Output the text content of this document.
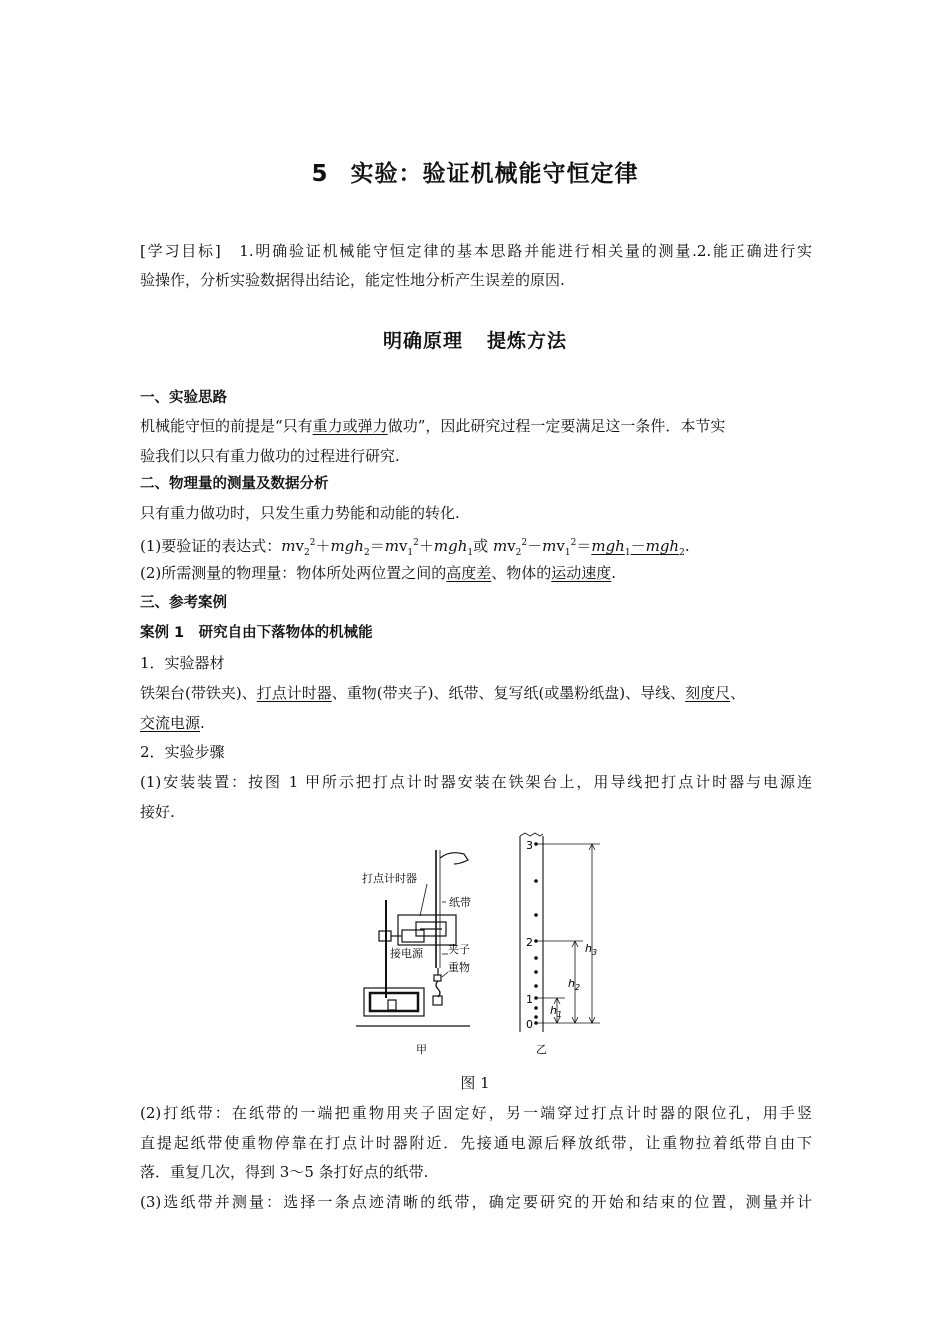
5 实验：验证机械能守恒定律
[学习目标]　1.明确验证机械能守恒定律的基本思路并能进行相关量的测量.2.能正确进行实
验操作，分析实验数据得出结论，能定性地分析产生误差的原因.
明确原理 提炼方法
一、实验思路
机械能守恒的前提是“只有重力或弹力做功”，因此研究过程一定要满足这一条件．本节实
验我们以只有重力做功的过程进行研究.
二、物理量的测量及数据分析
只有重力做功时，只发生重力势能和动能的转化.
(1)要验证的表达式：$mv_2^2+mgh_2=mv_1^2+mgh_1$或 $mv_2^2-mv_1^2=mgh_1-mgh_2$.
(2)所需测量的物理量：物体所处两位置之间的高度差、物体的运动速度.
三、参考案例
案例 1　研究自由下落物体的机械能
1．实验器材
铁架台(带铁夹)、打点计时器、重物(带夹子)、纸带、复写纸(或墨粉纸盘)、导线、刻度尺、
交流电源.
2．实验步骤
(1)安装装置：按图 1 甲所示把打点计时器安装在铁架台上，用导线把打点计时器与电源连
接好.
打点计时器
纸带
接电源 夹子
重物
甲
3
2
1
0
$h_3$
$h_2$
$h_1$
乙
图 1
(2)打纸带：在纸带的一端把重物用夹子固定好，另一端穿过打点计时器的限位孔，用手竖
直提起纸带使重物停靠在打点计时器附近．先接通电源后释放纸带，让重物拉着纸带自由下
落．重复几次，得到 3～5 条打好点的纸带.
(3)选纸带并测量：选择一条点迹清晰的纸带，确定要研究的开始和结束的位置，测量并计
